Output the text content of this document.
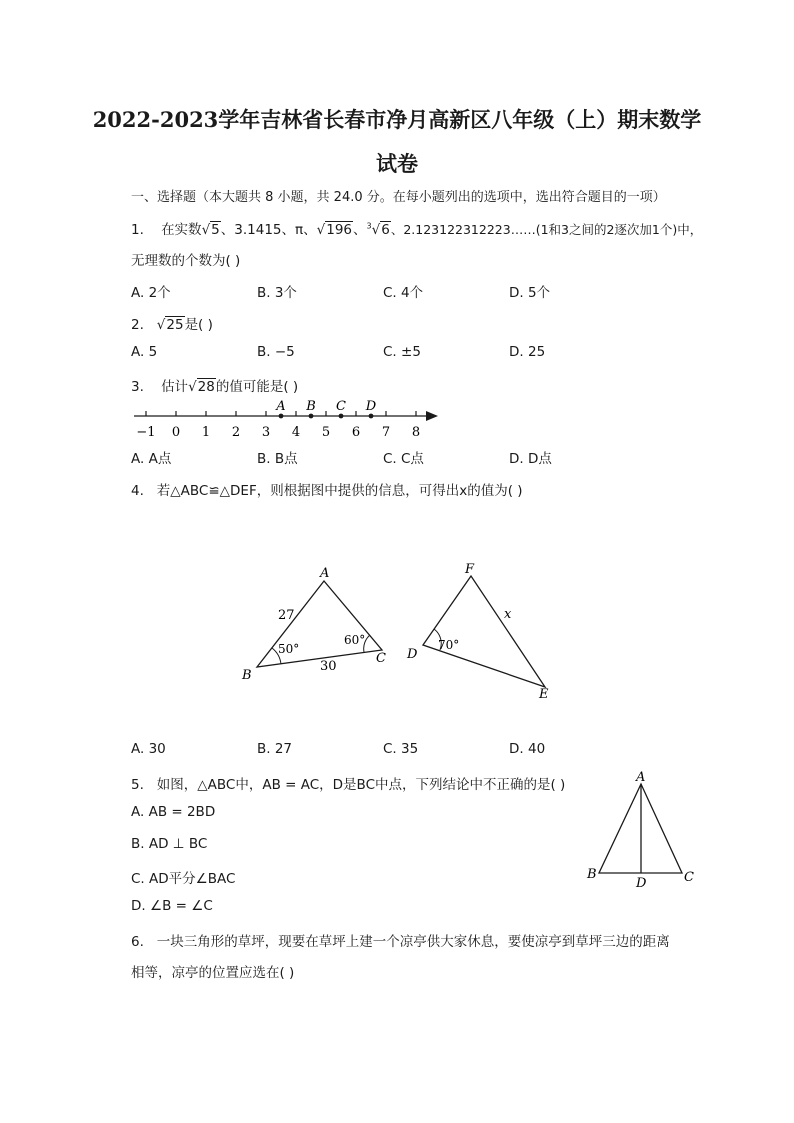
2022-2023学年吉林省长春市净月高新区八年级（上）期末数学
试卷
一、选择题（本大题共 8 小题，共 24.0 分。在每小题列出的选项中，选出符合题目的一项）
1. 在实数√5、3.1415、π、√196、$^3$√6、2.123122312223……(1和3之间的2逐次加1个)中，
无理数的个数为( )
A. 2个	B. 3个	C. 4个	D. 5个
2. √25是( )
A. 5	B. −5	C. ±5	D. 25
3. 估计√28的值可能是( )
−1 0 1 2 3 4 5 6 7 8
A B C D
A. A点	B. B点	C. C点	D. D点
4. 若△ABC≌△DEF，则根据图中提供的信息，可得出x的值为( )
A
B
C
27
30
50°
60°
F
D
E
x
70°
A. 30	B. 27	C. 35	D. 40
5. 如图，△ABC中，AB = AC，D是BC中点，下列结论中不正确的是( )
A. AB = 2BD
B. AD ⊥ BC
C. AD平分∠BAC
D. ∠B = ∠C
A
B	C
D
6. 一块三角形的草坪，现要在草坪上建一个凉亭供大家休息，要使凉亭到草坪三边的距离
相等，凉亭的位置应选在( )
